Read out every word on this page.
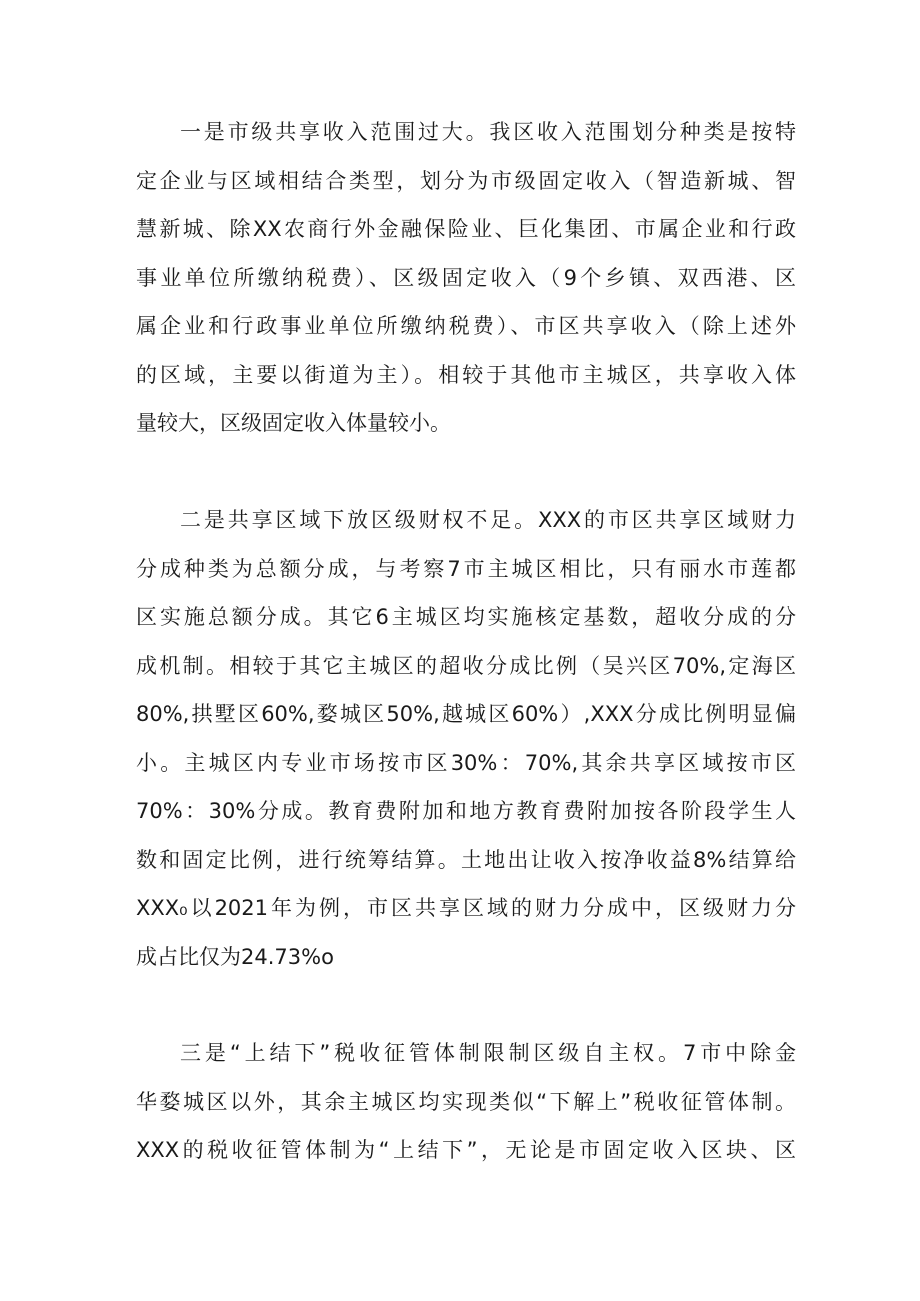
一是市级共享收入范围过大。我区收入范围划分种类是按特
定企业与区域相结合类型，划分为市级固定收入（智造新城、智
慧新城、除XX农商行外金融保险业、巨化集团、市属企业和行政
事业单位所缴纳税费）、区级固定收入（9个乡镇、双西港、区
属企业和行政事业单位所缴纳税费）、市区共享收入（除上述外
的区域，主要以街道为主）。相较于其他市主城区，共享收入体
量较大，区级固定收入体量较小。
二是共享区域下放区级财权不足。XXX的市区共享区域财力
分成种类为总额分成，与考察7市主城区相比，只有丽水市莲都
区实施总额分成。其它6主城区均实施核定基数，超收分成的分
成机制。相较于其它主城区的超收分成比例（吴兴区70%,定海区
80%,拱墅区60%,婺城区50%,越城区60%）,XXX分成比例明显偏
小。主城区内专业市场按市区30%：70%,其余共享区域按市区
70%：30%分成。教育费附加和地方教育费附加按各阶段学生人
数和固定比例，进行统筹结算。土地出让收入按净收益8%结算给
XXX₀以2021年为例，市区共享区域的财力分成中，区级财力分
成占比仅为24.73%o
三是“上结下”税收征管体制限制区级自主权。7市中除金
华婺城区以外，其余主城区均实现类似“下解上”税收征管体制。
XXX的税收征管体制为“上结下”，无论是市固定收入区块、区
